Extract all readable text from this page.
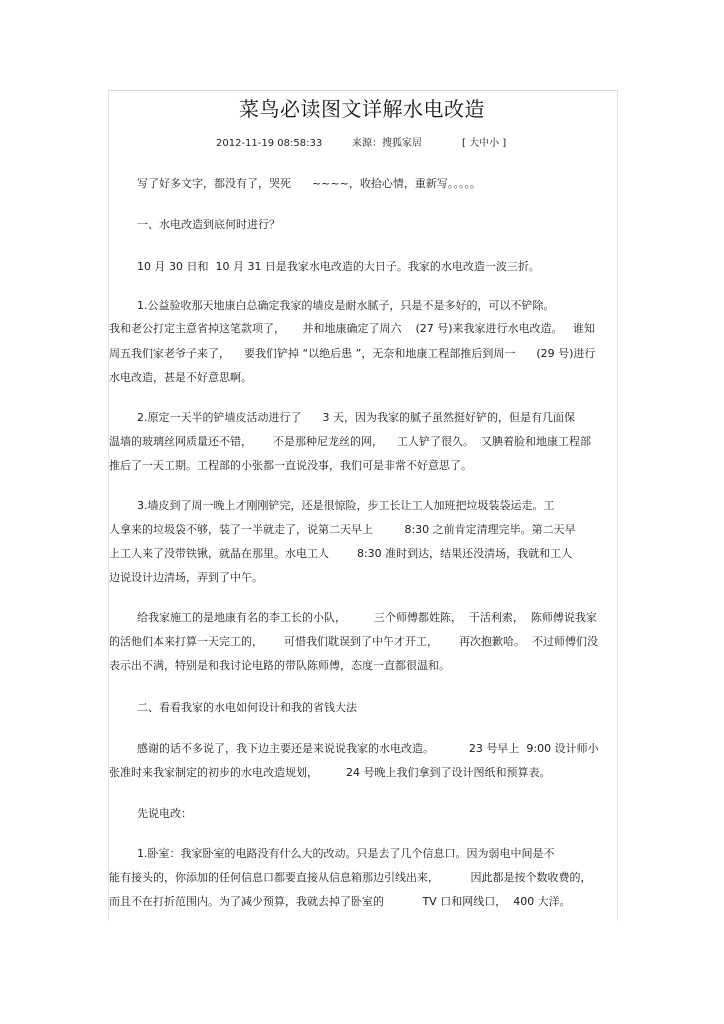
菜鸟必读图文详解水电改造
2012-11-19 08:58:33	来源：搜狐家居	[ 大中小 ]
写了好多文字，都没有了，哭死      ~~~~，收拾心情，重新写。。。。。
一、水电改造到底何时进行？
10 月 30 日和  10 月 31 日是我家水电改造的大日子。我家的水电改造一波三折。
1.公益验收那天地康白总确定我家的墙皮是耐水腻子，只是不是多好的，可以不铲除。
我和老公打定主意省掉这笔款项了，     并和地康确定了周六    (27 号)来我家进行水电改造。   谁知
周五我们家老爷子来了，    要我们铲掉 “以绝后患 ”，无奈和地康工程部推后到周一      (29 号)进行
水电改造，甚是不好意思啊。
2.原定一天半的铲墙皮活动进行了      3 天，因为我家的腻子虽然挺好铲的，但是有几面保
温墙的玻璃丝网质量还不错，      不是那种尼龙丝的网，    工人铲了很久。  又腆着脸和地康工程部
推后了一天工期。工程部的小张都一直说没事，我们可是非常不好意思了。
3.墙皮到了周一晚上才刚刚铲完，还是很惊险，步工长让工人加班把垃圾装袋运走。工
人拿来的垃圾袋不够，装了一半就走了，说第二天早上         8:30 之前肯定清理完毕。第二天早
上工人来了没带铁锹，就晶在那里。水电工人        8:30 准时到达，结果还没清场，我就和工人
边说设计边清场，弄到了中午。
给我家施工的是地康有名的李工长的小队，        三个师傅都姓陈，  干活利索，  陈师傅说我家
的活他们本来打算一天完工的，      可惜我们耽误到了中午才开工，      再次抱歉哈。  不过师傅们没
表示出不满，特别是和我讨论电路的带队陈师傅，态度一直都很温和。
二、看看我家的水电如何设计和我的省钱大法
感谢的话不多说了，我下边主要还是来说说我家的水电改造。          23 号早上  9:00 设计师小
张准时来我家制定的初步的水电改造规划，        24 号晚上我们拿到了设计图纸和预算表。
先说电改：
1.卧室：我家卧室的电路没有什么大的改动。只是去了几个信息口。因为弱电中间是不
能有接头的，你添加的任何信息口都要直接从信息箱那边引线出来，         因此都是按个数收费的，
而且不在打折范围内。为了减少预算，我就去掉了卧室的           TV 口和网线口，  400 大洋。
